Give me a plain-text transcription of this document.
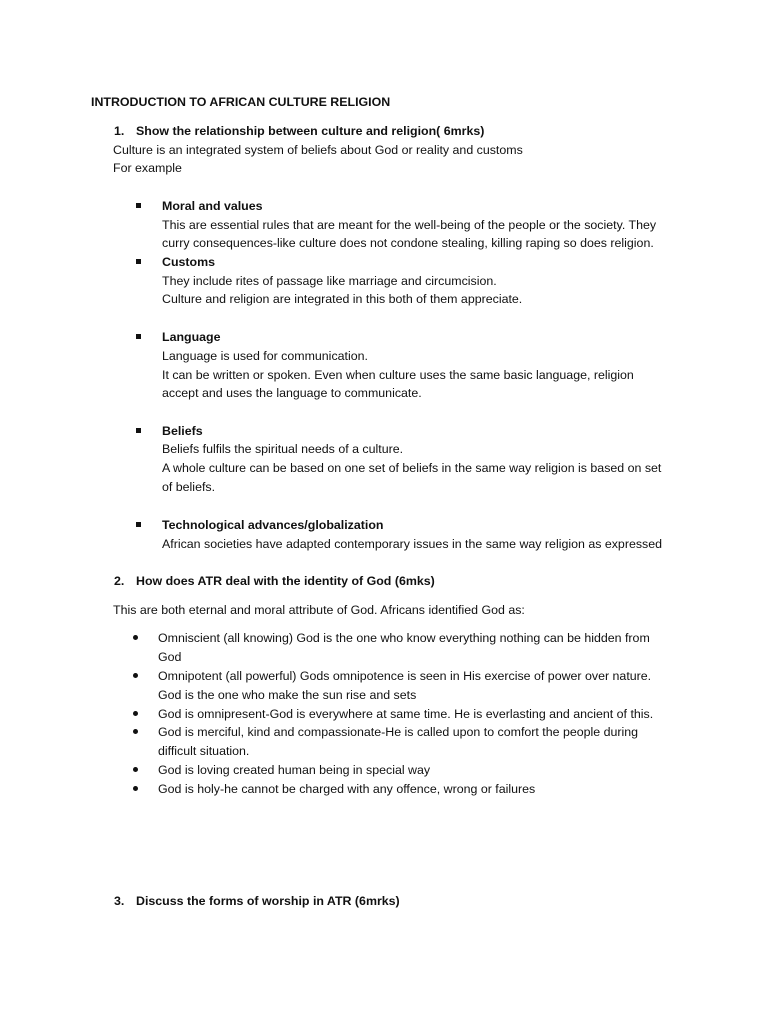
INTRODUCTION TO AFRICAN CULTURE RELIGION
1. Show the relationship between culture and religion( 6mrks)
Culture is an integrated system of beliefs about God or reality and customs
For example
Moral and values
This are essential rules that are meant for the well-being of the people or the society. They
curry consequences-like culture does not condone stealing, killing raping so does religion.
Customs
They include rites of passage like marriage and circumcision.
Culture and religion are integrated in this both of them appreciate.
Language
Language is used for communication.
It can be written or spoken. Even when culture uses the same basic language, religion
accept and uses the language to communicate.
Beliefs
Beliefs fulfils the spiritual needs of a culture.
A whole culture can be based on one set of beliefs in the same way religion is based on set
of beliefs.
Technological advances/globalization
African societies have adapted contemporary issues in the same way religion as expressed
2. How does ATR deal with the identity of God (6mks)
This are both eternal and moral attribute of God. Africans identified God as:
Omniscient (all knowing) God is the one who know everything nothing can be hidden from
God
Omnipotent (all powerful) Gods omnipotence is seen in His exercise of power over nature.
God is the one who make the sun rise and sets
God is omnipresent-God is everywhere at same time. He is everlasting and ancient of this.
God is merciful, kind and compassionate-He is called upon to comfort the people during
difficult situation.
God is loving created human being in special way
God is holy-he cannot be charged with any offence, wrong or failures
3. Discuss the forms of worship in ATR (6mrks)
